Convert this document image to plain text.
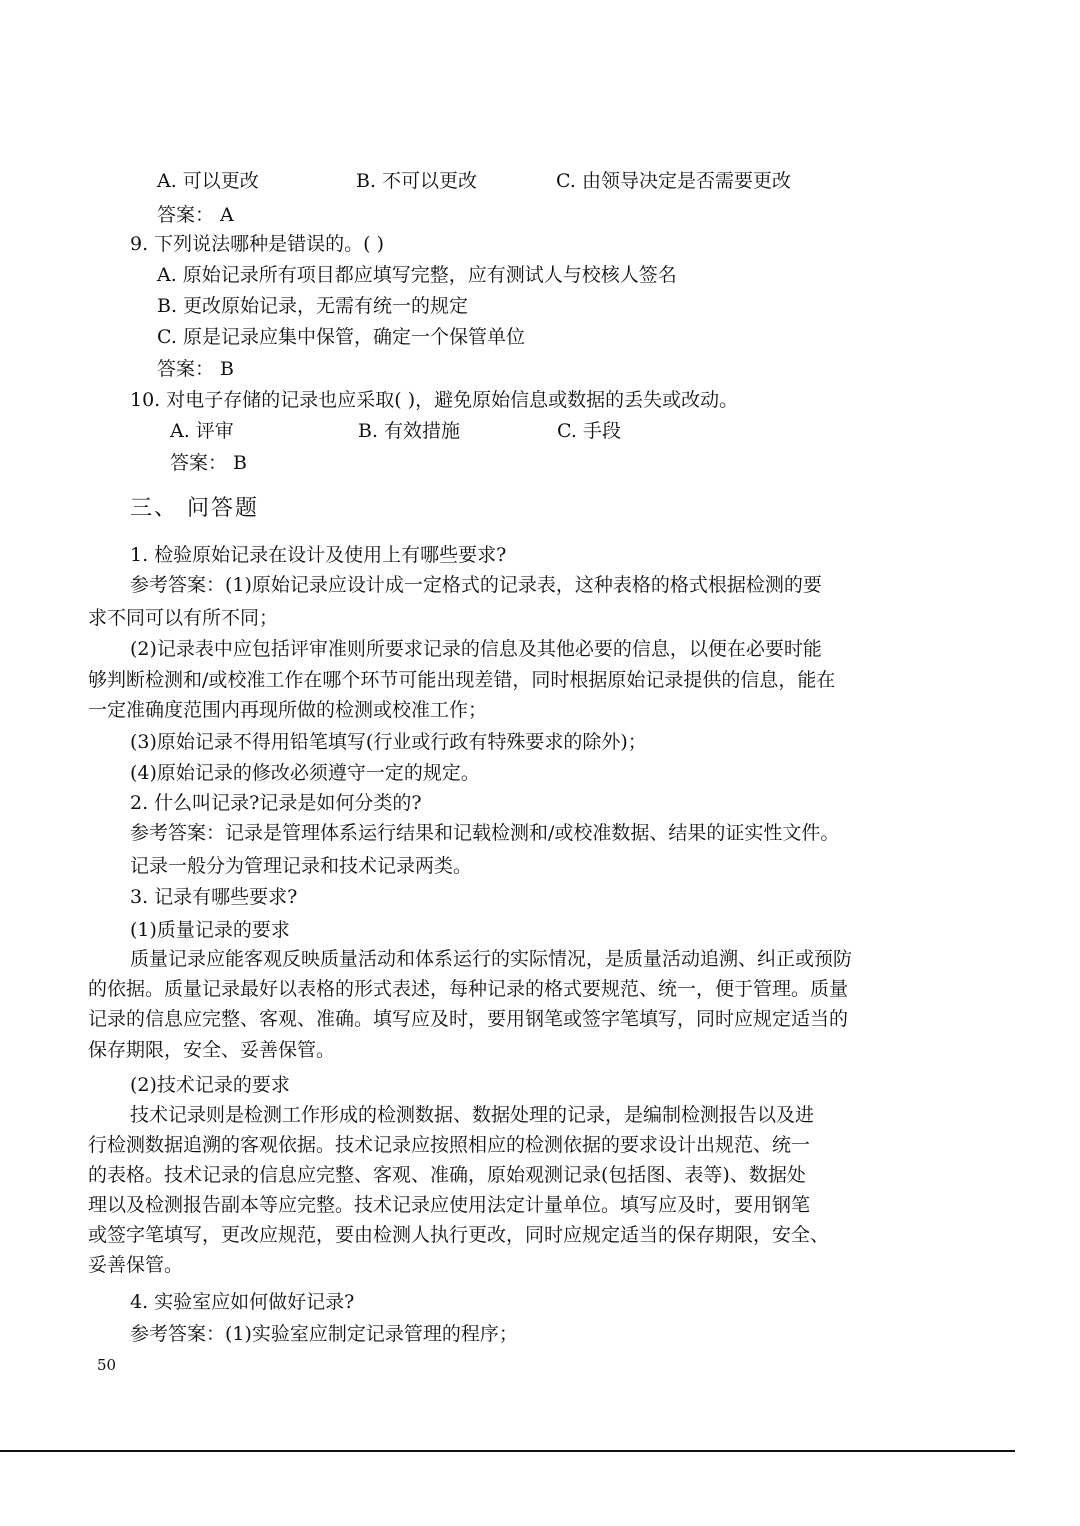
A. 可以更改	B. 不可以更改	C. 由领导决定是否需要更改
答案： A
9. 下列说法哪种是错误的。( )
A. 原始记录所有项目都应填写完整，应有测试人与校核人签名
B. 更改原始记录，无需有统一的规定
C. 原是记录应集中保管，确定一个保管单位
答案： B
10. 对电子存储的记录也应采取( )，避免原始信息或数据的丢失或改动。
A. 评审	B. 有效措施	C. 手段
答案： B
三、 问答题
1. 检验原始记录在设计及使用上有哪些要求?
参考答案：(1)原始记录应设计成一定格式的记录表，这种表格的格式根据检测的要
求不同可以有所不同；
(2)记录表中应包括评审准则所要求记录的信息及其他必要的信息，以便在必要时能
够判断检测和/或校准工作在哪个环节可能出现差错，同时根据原始记录提供的信息，能在
一定准确度范围内再现所做的检测或校准工作；
(3)原始记录不得用铅笔填写(行业或行政有特殊要求的除外)；
(4)原始记录的修改必须遵守一定的规定。
2. 什么叫记录?记录是如何分类的?
参考答案：记录是管理体系运行结果和记载检测和/或校准数据、结果的证实性文件。
记录一般分为管理记录和技术记录两类。
3. 记录有哪些要求?
(1)质量记录的要求
质量记录应能客观反映质量活动和体系运行的实际情况，是质量活动追溯、纠正或预防
的依据。质量记录最好以表格的形式表述，每种记录的格式要规范、统一，便于管理。质量
记录的信息应完整、客观、准确。填写应及时，要用钢笔或签字笔填写，同时应规定适当的
保存期限，安全、妥善保管。
(2)技术记录的要求
技术记录则是检测工作形成的检测数据、数据处理的记录，是编制检测报告以及进
行检测数据追溯的客观依据。技术记录应按照相应的检测依据的要求设计出规范、统一
的表格。技术记录的信息应完整、客观、准确，原始观测记录(包括图、表等)、数据处
理以及检测报告副本等应完整。技术记录应使用法定计量单位。填写应及时，要用钢笔
或签字笔填写，更改应规范，要由检测人执行更改，同时应规定适当的保存期限，安全、
妥善保管。
4. 实验室应如何做好记录?
参考答案：(1)实验室应制定记录管理的程序；
50
